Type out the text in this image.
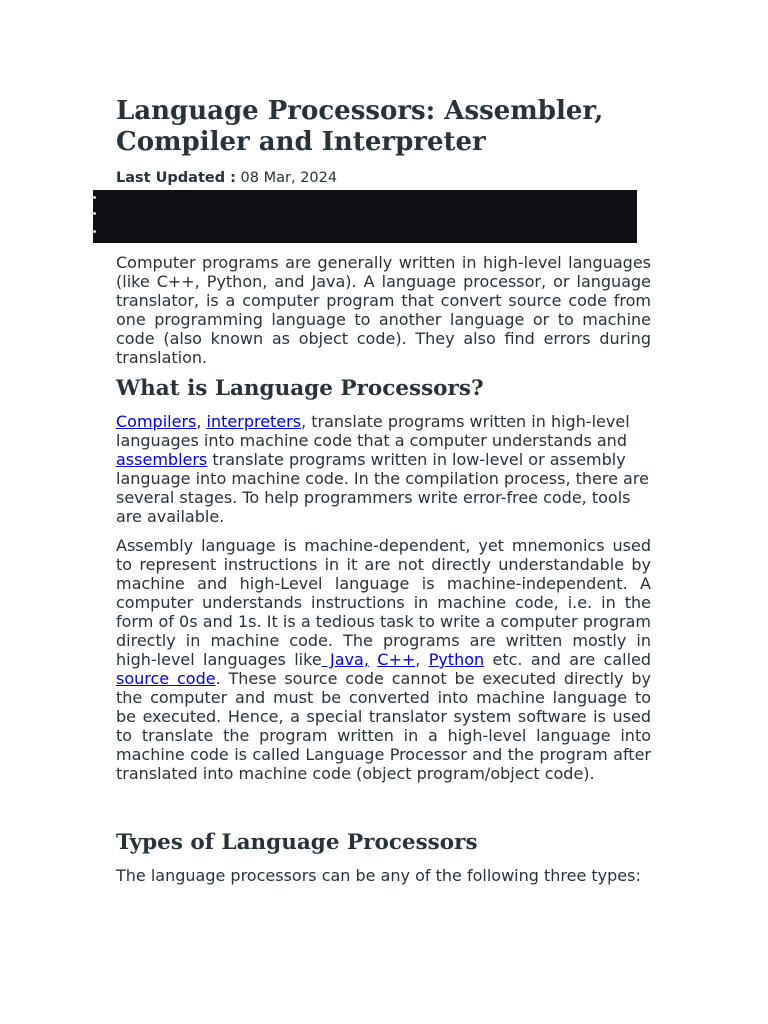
Language Processors: Assembler, Compiler and Interpreter

Last Updated : 08 Mar, 2024

Computer programs are generally written in high-level languages (like C++, Python, and Java). A language processor, or language translator, is a computer program that convert source code from one programming language to another language or to machine code (also known as object code). They also find errors during translation.

What is Language Processors?

Compilers, interpreters, translate programs written in high-level languages into machine code that a computer understands and assemblers translate programs written in low-level or assembly language into machine code. In the compilation process, there are several stages. To help programmers write error-free code, tools are available.

Assembly language is machine-dependent, yet mnemonics used to represent instructions in it are not directly understandable by machine and high-Level language is machine-independent. A computer understands instructions in machine code, i.e. in the form of 0s and 1s. It is a tedious task to write a computer program directly in machine code. The programs are written mostly in high-level languages like Java, C++, Python etc. and are called source code. These source code cannot be executed directly by the computer and must be converted into machine language to be executed. Hence, a special translator system software is used to translate the program written in a high-level language into machine code is called Language Processor and the program after translated into machine code (object program/object code).

Types of Language Processors

The language processors can be any of the following three types:
